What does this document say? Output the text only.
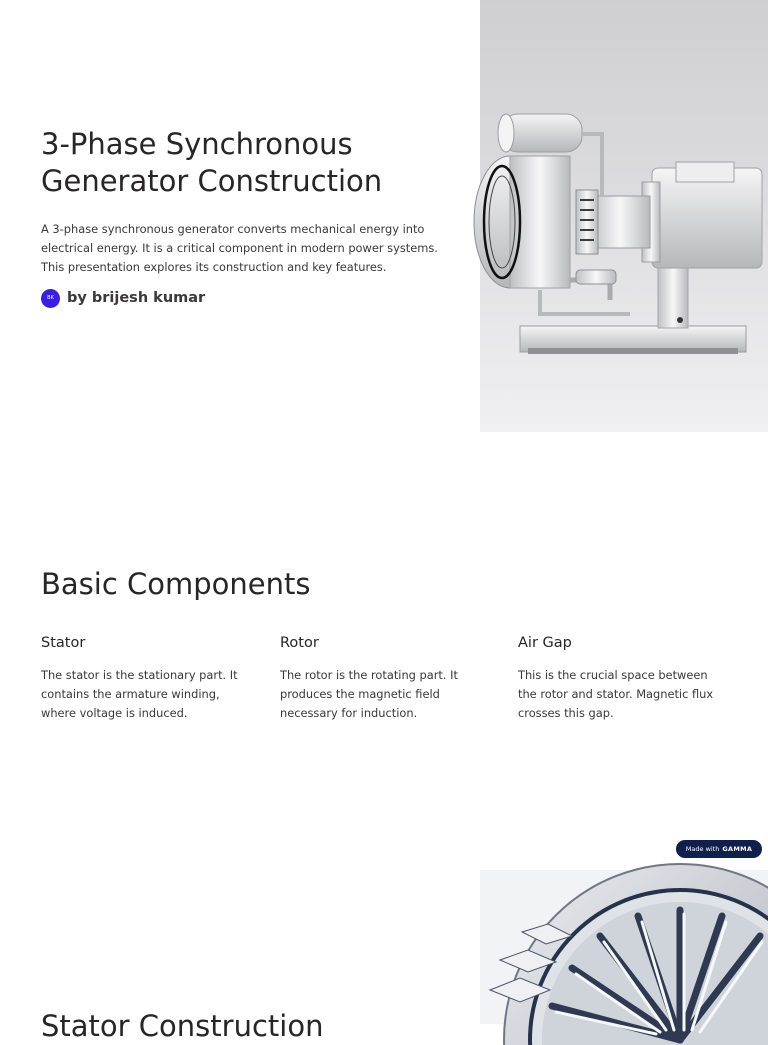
3-Phase Synchronous Generator Construction

A 3-phase synchronous generator converts mechanical energy into electrical energy. It is a critical component in modern power systems. This presentation explores its construction and key features.

BK by brijesh kumar
Basic Components
Stator

The stator is the stationary part. It contains the armature winding, where voltage is induced.

Rotor

The rotor is the rotating part. It produces the magnetic field necessary for induction.

Air Gap

This is the crucial space between the rotor and stator. Magnetic flux crosses this gap.

Made with GAMMA
Stator Construction
